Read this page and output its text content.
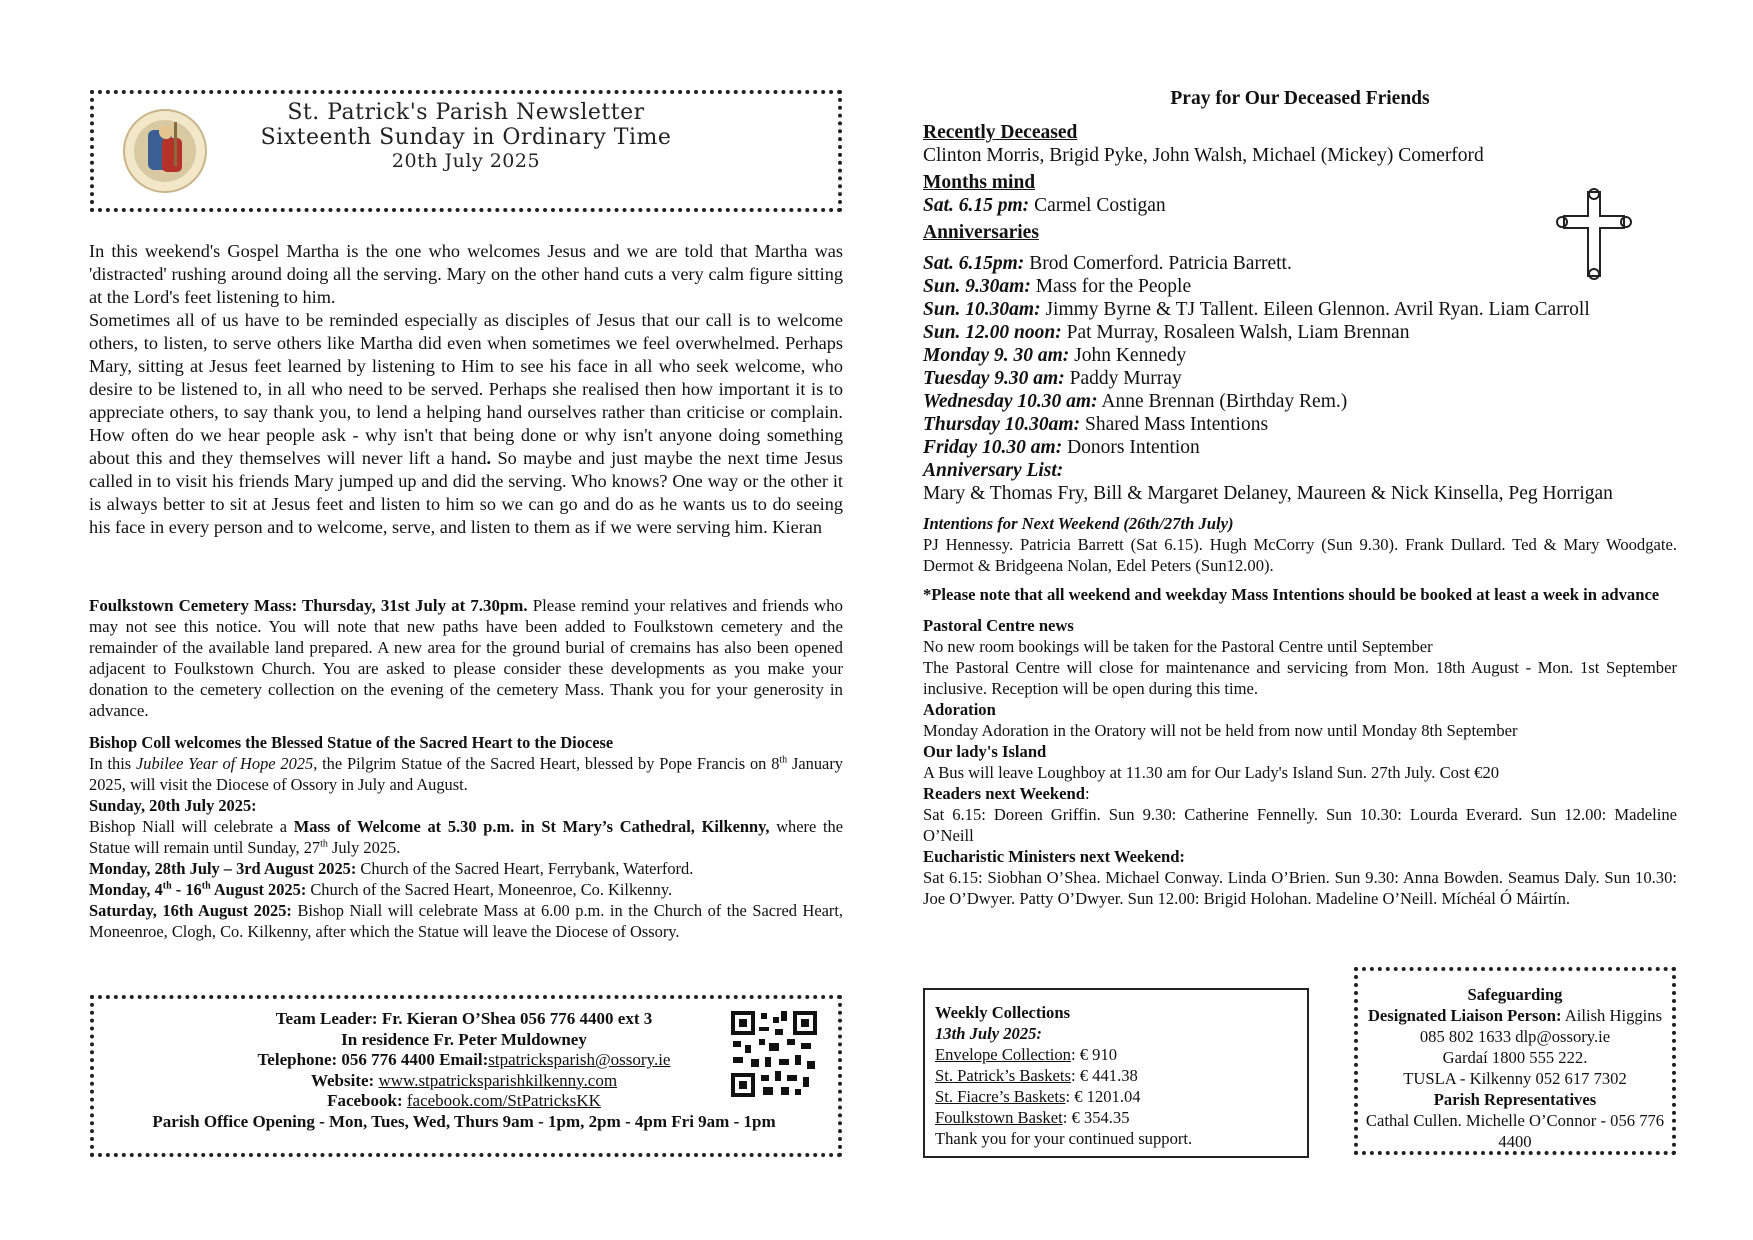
St. Patrick's Parish Newsletter
Sixteenth Sunday in Ordinary Time
20th July 2025
In this weekend's Gospel Martha is the one who welcomes Jesus and we are told that Martha was 'distracted' rushing around doing all the serving. Mary on the other hand cuts a very calm figure sitting at the Lord's feet listening to him.
Sometimes all of us have to be reminded especially as disciples of Jesus that our call is to welcome others, to listen, to serve others like Martha did even when sometimes we feel overwhelmed. Perhaps Mary, sitting at Jesus feet learned by listening to Him to see his face in all who seek welcome, who desire to be listened to, in all who need to be served. Perhaps she realised then how important it is to appreciate others, to say thank you, to lend a helping hand ourselves rather than criticise or complain. How often do we hear people ask - why isn't that being done or why isn't anyone doing something about this and they themselves will never lift a hand. So maybe and just maybe the next time Jesus called in to visit his friends Mary jumped up and did the serving. Who knows? One way or the other it is always better to sit at Jesus feet and listen to him so we can go and do as he wants us to do seeing his face in every person and to welcome, serve, and listen to them as if we were serving him. Kieran
Foulkstown Cemetery Mass: Thursday, 31st July at 7.30pm. Please remind your relatives and friends who may not see this notice. You will note that new paths have been added to Foulkstown cemetery and the remainder of the available land prepared. A new area for the ground burial of cremains has also been opened adjacent to Foulkstown Church. You are asked to please consider these developments as you make your donation to the cemetery collection on the evening of the cemetery Mass. Thank you for your generosity in advance.
Bishop Coll welcomes the Blessed Statue of the Sacred Heart to the Diocese
In this Jubilee Year of Hope 2025, the Pilgrim Statue of the Sacred Heart, blessed by Pope Francis on 8th January 2025, will visit the Diocese of Ossory in July and August.
Sunday, 20th July 2025:
Bishop Niall will celebrate a Mass of Welcome at 5.30 p.m. in St Mary’s Cathedral, Kilkenny, where the Statue will remain until Sunday, 27th July 2025.
Monday, 28th July – 3rd August 2025: Church of the Sacred Heart, Ferrybank, Waterford.
Monday, 4th - 16th August 2025: Church of the Sacred Heart, Moneenroe, Co. Kilkenny.
Saturday, 16th August 2025: Bishop Niall will celebrate Mass at 6.00 p.m. in the Church of the Sacred Heart, Moneenroe, Clogh, Co. Kilkenny, after which the Statue will leave the Diocese of Ossory.
Team Leader: Fr. Kieran O’Shea 056 776 4400 ext 3
In residence Fr. Peter Muldowney
Telephone: 056 776 4400 Email:stpatricksparish@ossory.ie
Website: www.stpatricksparishkilkenny.com
Facebook: facebook.com/StPatricksKK
Parish Office Opening - Mon, Tues, Wed, Thurs 9am - 1pm, 2pm - 4pm Fri 9am - 1pm
Pray for Our Deceased Friends
Recently Deceased
Clinton Morris, Brigid Pyke, John Walsh, Michael (Mickey) Comerford
Months mind
Sat. 6.15 pm: Carmel Costigan
Anniversaries
Sat. 6.15pm: Brod Comerford. Patricia Barrett.
Sun. 9.30am: Mass for the People
Sun. 10.30am: Jimmy Byrne & TJ Tallent. Eileen Glennon. Avril Ryan. Liam Carroll
Sun. 12.00 noon: Pat Murray, Rosaleen Walsh, Liam Brennan
Monday 9. 30 am: John Kennedy
Tuesday 9.30 am: Paddy Murray
Wednesday 10.30 am: Anne Brennan (Birthday Rem.)
Thursday 10.30am: Shared Mass Intentions
Friday 10.30 am: Donors Intention
Anniversary List:
Mary & Thomas Fry, Bill & Margaret Delaney, Maureen & Nick Kinsella, Peg Horrigan
Intentions for Next Weekend (26th/27th July)
PJ Hennessy. Patricia Barrett (Sat 6.15). Hugh McCorry (Sun 9.30). Frank Dullard. Ted & Mary Woodgate. Dermot & Bridgeena Nolan, Edel Peters (Sun12.00).
*Please note that all weekend and weekday Mass Intentions should be booked at least a week in advance
Pastoral Centre news
No new room bookings will be taken for the Pastoral Centre until September
The Pastoral Centre will close for maintenance and servicing from Mon. 18th August - Mon. 1st September inclusive. Reception will be open during this time.
Adoration
Monday Adoration in the Oratory will not be held from now until Monday 8th September
Our lady's Island
A Bus will leave Loughboy at 11.30 am for Our Lady's Island Sun. 27th July. Cost €20
Readers next Weekend:
Sat 6.15: Doreen Griffin. Sun 9.30: Catherine Fennelly. Sun 10.30: Lourda Everard. Sun 12.00: Madeline O’Neill
Eucharistic Ministers next Weekend:
Sat 6.15: Siobhan O’Shea. Michael Conway. Linda O’Brien. Sun 9.30: Anna Bowden. Seamus Daly. Sun 10.30: Joe O’Dwyer. Patty O’Dwyer. Sun 12.00: Brigid Holohan. Madeline O’Neill. Míchéal Ó Máirtín.
Weekly Collections
13th July 2025:
Envelope Collection: € 910
St. Patrick’s Baskets: € 441.38
St. Fiacre’s Baskets: € 1201.04
Foulkstown Basket: € 354.35
Thank you for your continued support.
Safeguarding
Designated Liaison Person: Ailish Higgins 085 802 1633 dlp@ossory.ie
Gardaí 1800 555 222.
TUSLA - Kilkenny 052 617 7302
Parish Representatives
Cathal Cullen. Michelle O’Connor - 056 776 4400
